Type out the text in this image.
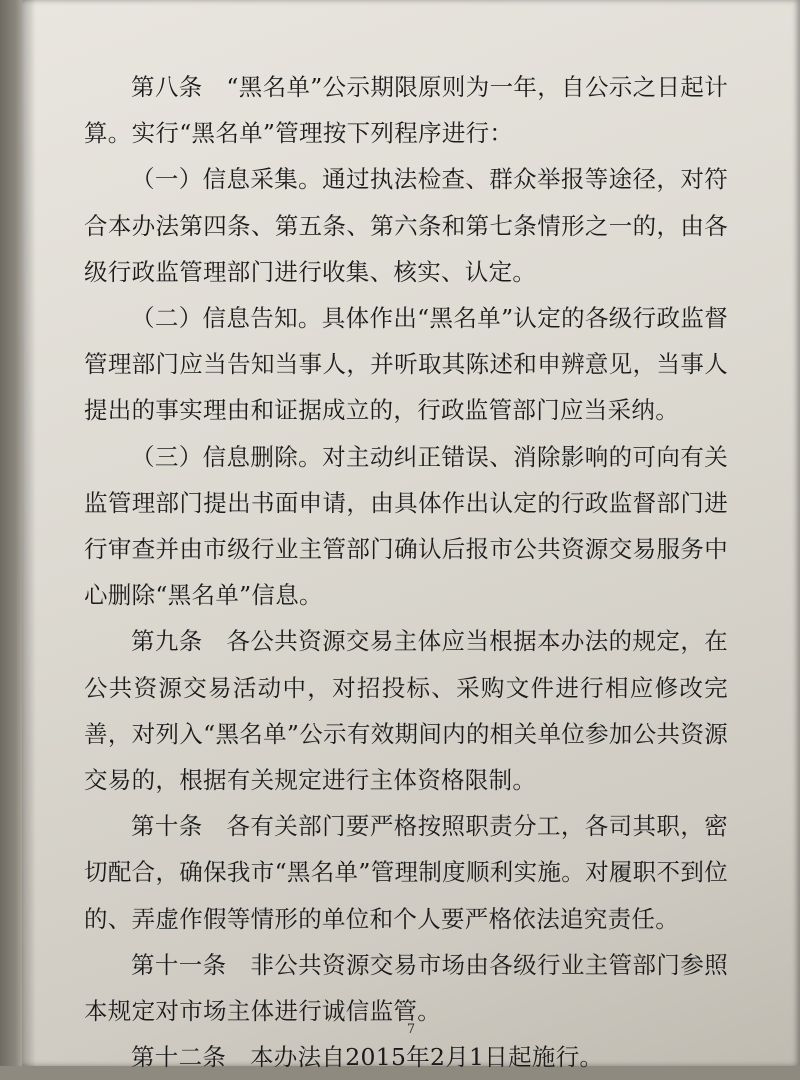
第八条　“黑名单”公示期限原则为一年，自公示之日起计算。实行“黑名单”管理按下列程序进行：

（一）信息采集。通过执法检查、群众举报等途径，对符合本办法第四条、第五条、第六条和第七条情形之一的，由各级行政监管理部门进行收集、核实、认定。

（二）信息告知。具体作出“黑名单”认定的各级行政监督管理部门应当告知当事人，并听取其陈述和申辨意见，当事人提出的事实理由和证据成立的，行政监管部门应当采纳。

（三）信息删除。对主动纠正错误、消除影响的可向有关监管理部门提出书面申请，由具体作出认定的行政监督部门进行审查并由市级行业主管部门确认后报市公共资源交易服务中心删除“黑名单”信息。

第九条　各公共资源交易主体应当根据本办法的规定，在公共资源交易活动中，对招投标、采购文件进行相应修改完善，对列入“黑名单”公示有效期间内的相关单位参加公共资源交易的，根据有关规定进行主体资格限制。

第十条　各有关部门要严格按照职责分工，各司其职，密切配合，确保我市“黑名单”管理制度顺利实施。对履职不到位的、弄虚作假等情形的单位和个人要严格依法追究责任。

第十一条　非公共资源交易市场由各级行业主管部门参照本规定对市场主体进行诚信监管。

第十二条　本办法自2015年2月1日起施行。

7
